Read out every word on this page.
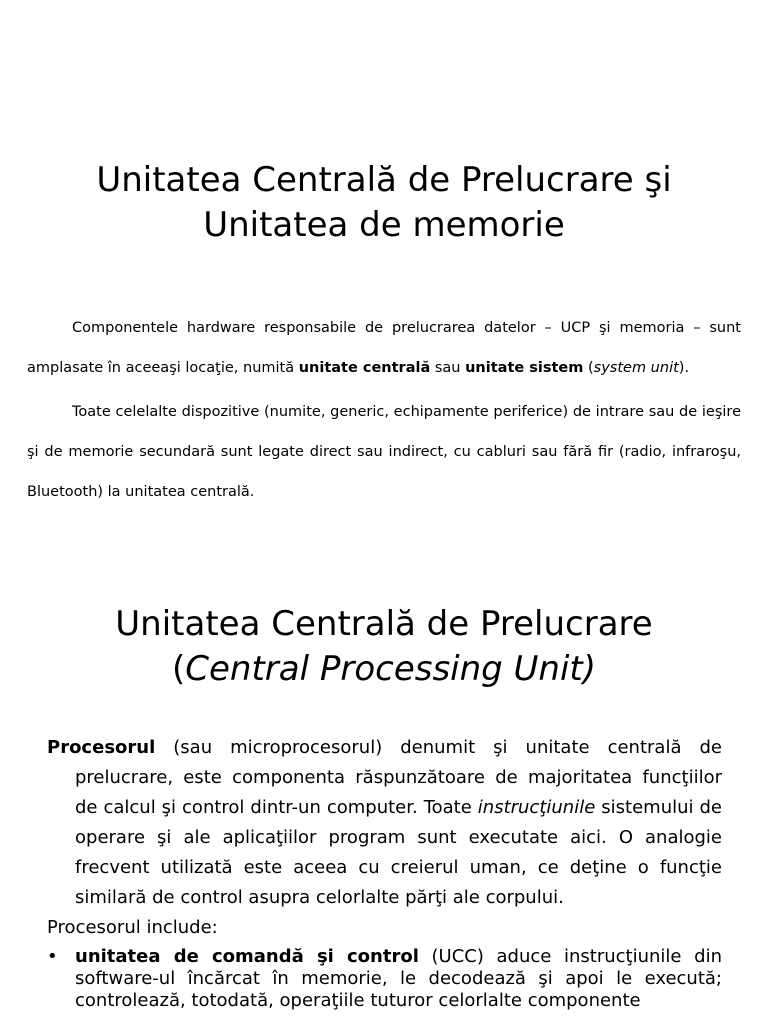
Unitatea Centrală de Prelucrare şi
Unitatea de memorie

Componentele hardware responsabile de prelucrarea datelor – UCP şi memoria – sunt amplasate în aceeaşi locaţie, numită unitate centrală sau unitate sistem (system unit).

Toate celelalte dispozitive (numite, generic, echipamente periferice) de intrare sau de ieşire şi de memorie secundară sunt legate direct sau indirect, cu cabluri sau fără fir (radio, infraroşu, Bluetooth) la unitatea centrală.

Unitatea Centrală de Prelucrare
(Central Processing Unit)

Procesorul (sau microprocesorul) denumit şi unitate centrală de prelucrare, este componenta răspunzătoare de majoritatea funcţiilor de calcul şi control dintr-un computer. Toate instrucţiunile sistemului de operare şi ale aplicaţiilor program sunt executate aici. O analogie frecvent utilizată este aceea cu creierul uman, ce deţine o funcţie similară de control asupra celorlalte părţi ale corpului.

Procesorul include:

• unitatea de comandă şi control (UCC) aduce instrucţiunile din software-ul încărcat în memorie, le decodează şi apoi le execută; controlează, totodată, operaţiile tuturor celorlalte componente
